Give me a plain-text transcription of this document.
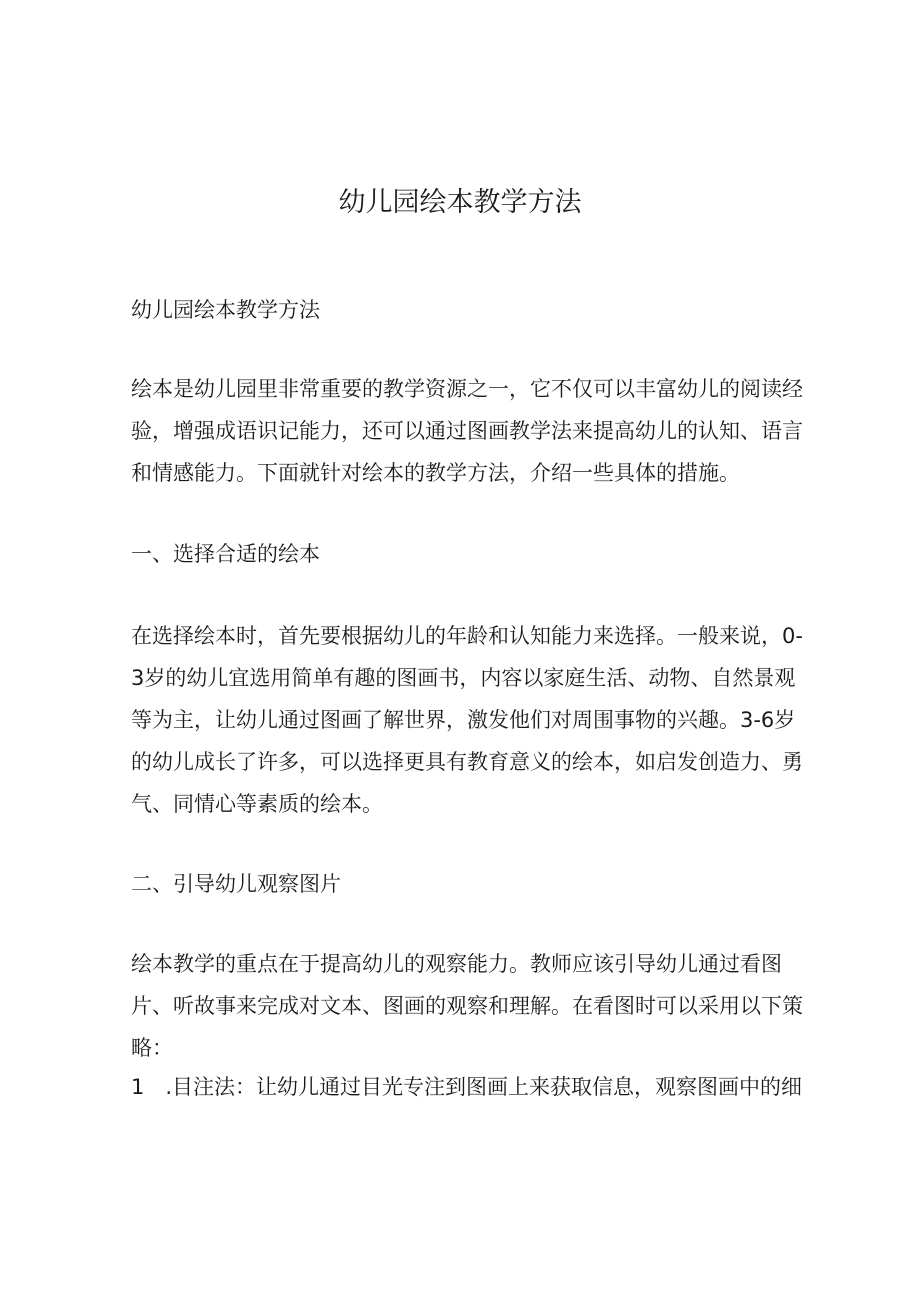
幼儿园绘本教学方法

幼儿园绘本教学方法

绘本是幼儿园里非常重要的教学资源之一，它不仅可以丰富幼儿的阅读经验，增强成语识记能力，还可以通过图画教学法来提高幼儿的认知、语言和情感能力。下面就针对绘本的教学方法，介绍一些具体的措施。

一、选择合适的绘本

在选择绘本时，首先要根据幼儿的年龄和认知能力来选择。一般来说，0-3岁的幼儿宜选用简单有趣的图画书，内容以家庭生活、动物、自然景观等为主，让幼儿通过图画了解世界，激发他们对周围事物的兴趣。3-6岁的幼儿成长了许多，可以选择更具有教育意义的绘本，如启发创造力、勇气、同情心等素质的绘本。

二、引导幼儿观察图片

绘本教学的重点在于提高幼儿的观察能力。教师应该引导幼儿通过看图片、听故事来完成对文本、图画的观察和理解。在看图时可以采用以下策略：

1　.目注法：让幼儿通过目光专注到图画上来获取信息，观察图画中的细
